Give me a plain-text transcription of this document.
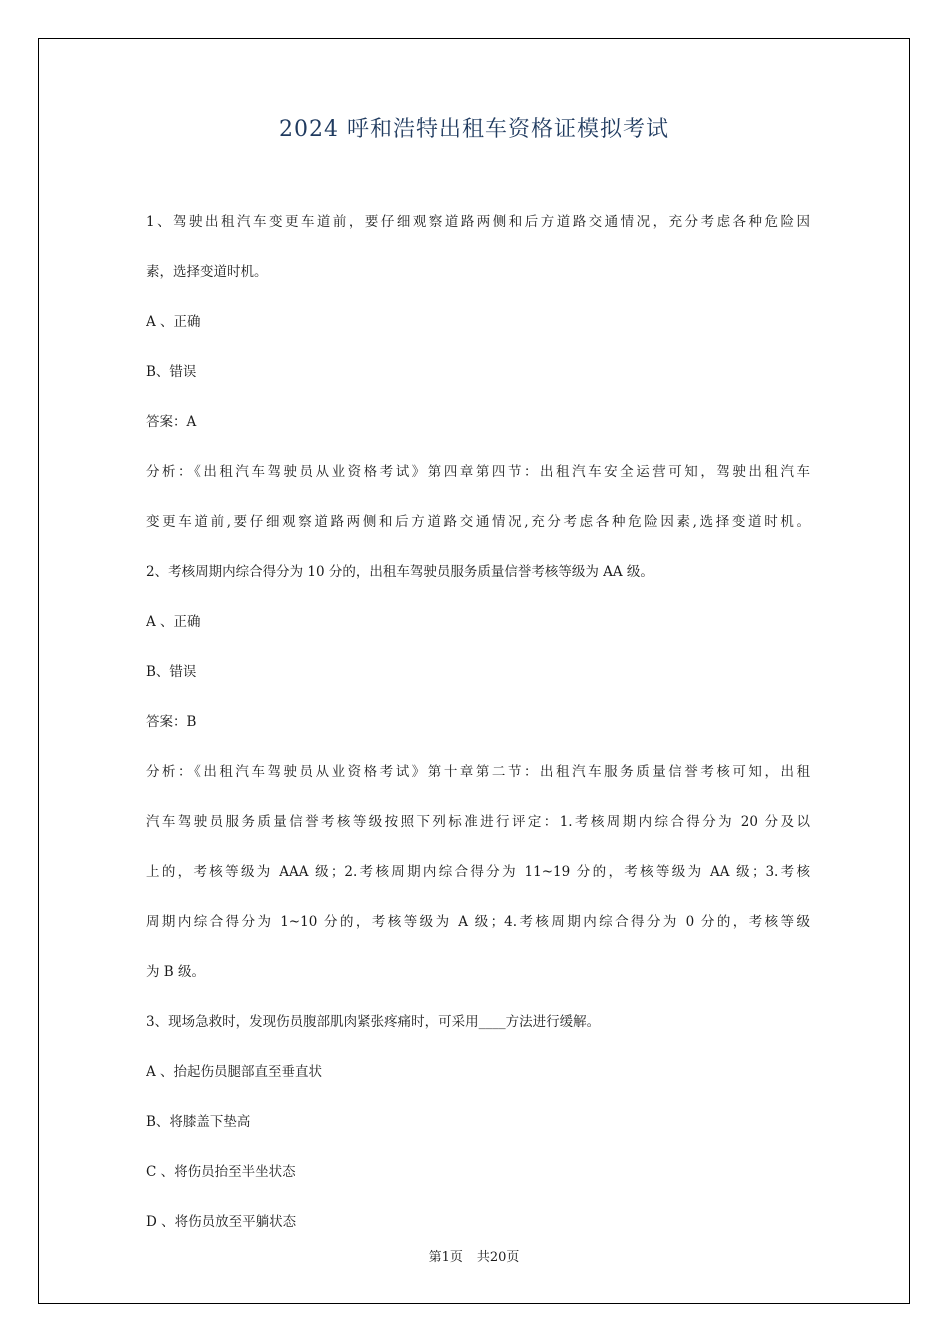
2024 呼和浩特出租车资格证模拟考试
1、驾驶出租汽车变更车道前，要仔细观察道路两侧和后方道路交通情况，充分考虑各种危险因
素，选择变道时机。
A 、正确
B、错误
答案：A
分析：《出租汽车驾驶员从业资格考试》第四章第四节：出租汽车安全运营可知，驾驶出租汽车
变更车道前,要仔细观察道路两侧和后方道路交通情况,充分考虑各种危险因素,选择变道时机。
2、考核周期内综合得分为 10 分的，出租车驾驶员服务质量信誉考核等级为 AA 级。
A 、正确
B、错误
答案：B
分析：《出租汽车驾驶员从业资格考试》第十章第二节：出租汽车服务质量信誉考核可知，出租
汽车驾驶员服务质量信誉考核等级按照下列标准进行评定：1.考核周期内综合得分为 20 分及以
上的，考核等级为 AAA 级；2.考核周期内综合得分为 11~19 分的，考核等级为 AA 级；3.考核
周期内综合得分为 1~10 分的，考核等级为 A 级；4.考核周期内综合得分为 0 分的，考核等级
为 B 级。
3、现场急救时，发现伤员腹部肌肉紧张疼痛时，可采用____方法进行缓解。
A 、抬起伤员腿部直至垂直状
B、将膝盖下垫高
C 、将伤员抬至半坐状态
D 、将伤员放至平躺状态
第1页 共20页
